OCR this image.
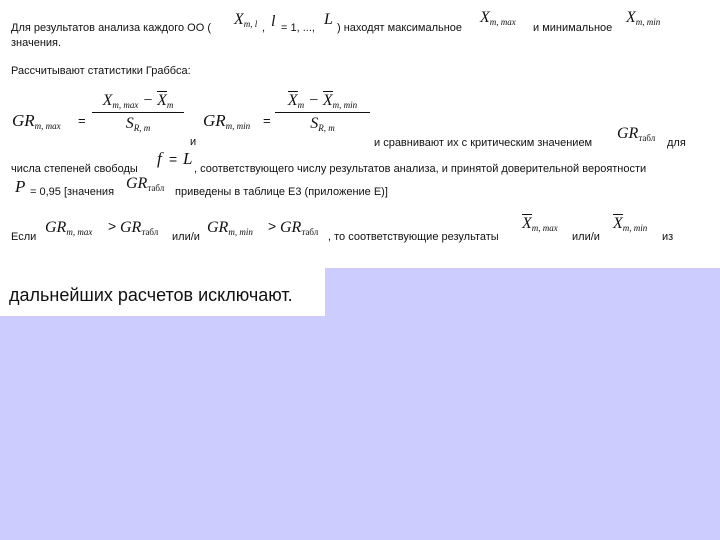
Для результатов анализа каждого ОО ( Xm, l , l = 1, ..., L ) находят максимальное
Xm, max и минимальное
Xm, min
значения.
Рассчитывают статистики Граббса:
GRm, max =
Xm, max − Xm
SR, m
и
GRm, min =
Xm − Xm, min
SR, m
и сравнивают их с критическим значением
$GR_{табл}$ для
числа степеней свободы
f = L
, соответствующего числу результатов анализа, и принятой доверительной вероятности
P = 0,95 [значения $GR_{табл}$ приведены в таблице Е3 (приложение Е)]
Если
GRm, $\max > GR_{табл}$ или/и
GRm, $\min > GR_{табл}$ , то соответствующие результаты
Xm, max
или/и
Xm, min
из
дальнейших расчетов исключают.
